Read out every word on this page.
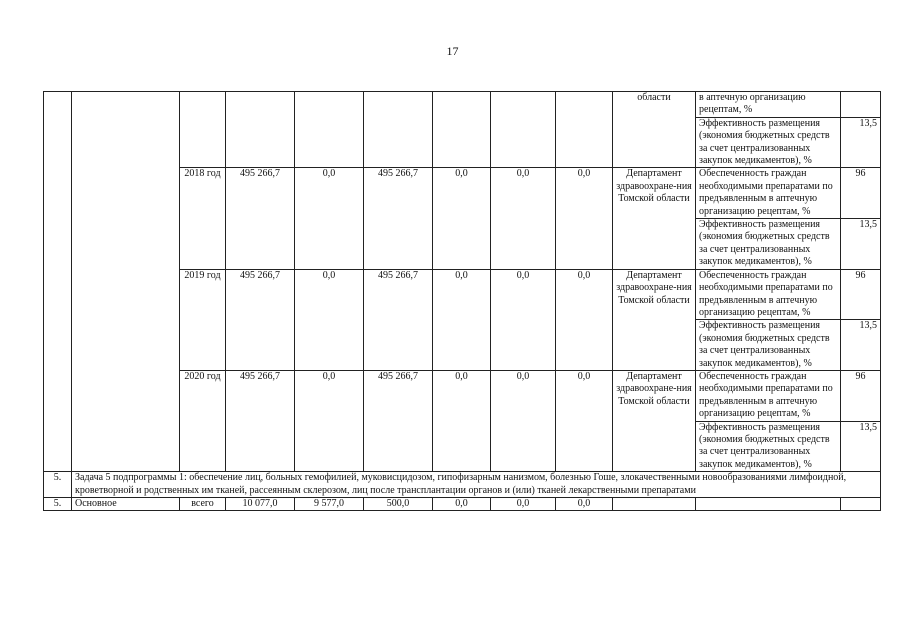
17
									области	в аптечную организацию рецептам, %	
										Эффективность размещения (экономия бюджетных средств за счет централизованных закупок медикаментов), %	13,5
		2018 год	495 266,7	0,0	495 266,7	0,0	0,0	0,0	Департамент здравоохране-ния Томской области	Обеспеченность граждан необходимыми препаратами по предъявленным в аптечную организацию рецептам, %	96
										Эффективность размещения (экономия бюджетных средств за счет централизованных закупок медикаментов), %	13,5
		2019 год	495 266,7	0,0	495 266,7	0,0	0,0	0,0	Департамент здравоохране-ния Томской области	Обеспеченность граждан необходимыми препаратами по предъявленным в аптечную организацию рецептам, %	96
										Эффективность размещения (экономия бюджетных средств за счет централизованных закупок медикаментов), %	13,5
		2020 год	495 266,7	0,0	495 266,7	0,0	0,0	0,0	Департамент здравоохране-ния Томской области	Обеспеченность граждан необходимыми препаратами по предъявленным в аптечную организацию рецептам, %	96
										Эффективность размещения (экономия бюджетных средств за счет централизованных закупок медикаментов), %	13,5
5.	Задача 5 подпрограммы 1: обеспечение лиц, больных гемофилией, муковисцидозом, гипофизарным нанизмом, болезнью Гоше, злокачественными новообразованиями лимфоидной, кроветворной и родственных им тканей, рассеянным склерозом, лиц после трансплантации органов и (или) тканей лекарственными препаратами										
5.	Основное	всего	10 077,0	9 577,0	500,0	0,0	0,0	0,0			
